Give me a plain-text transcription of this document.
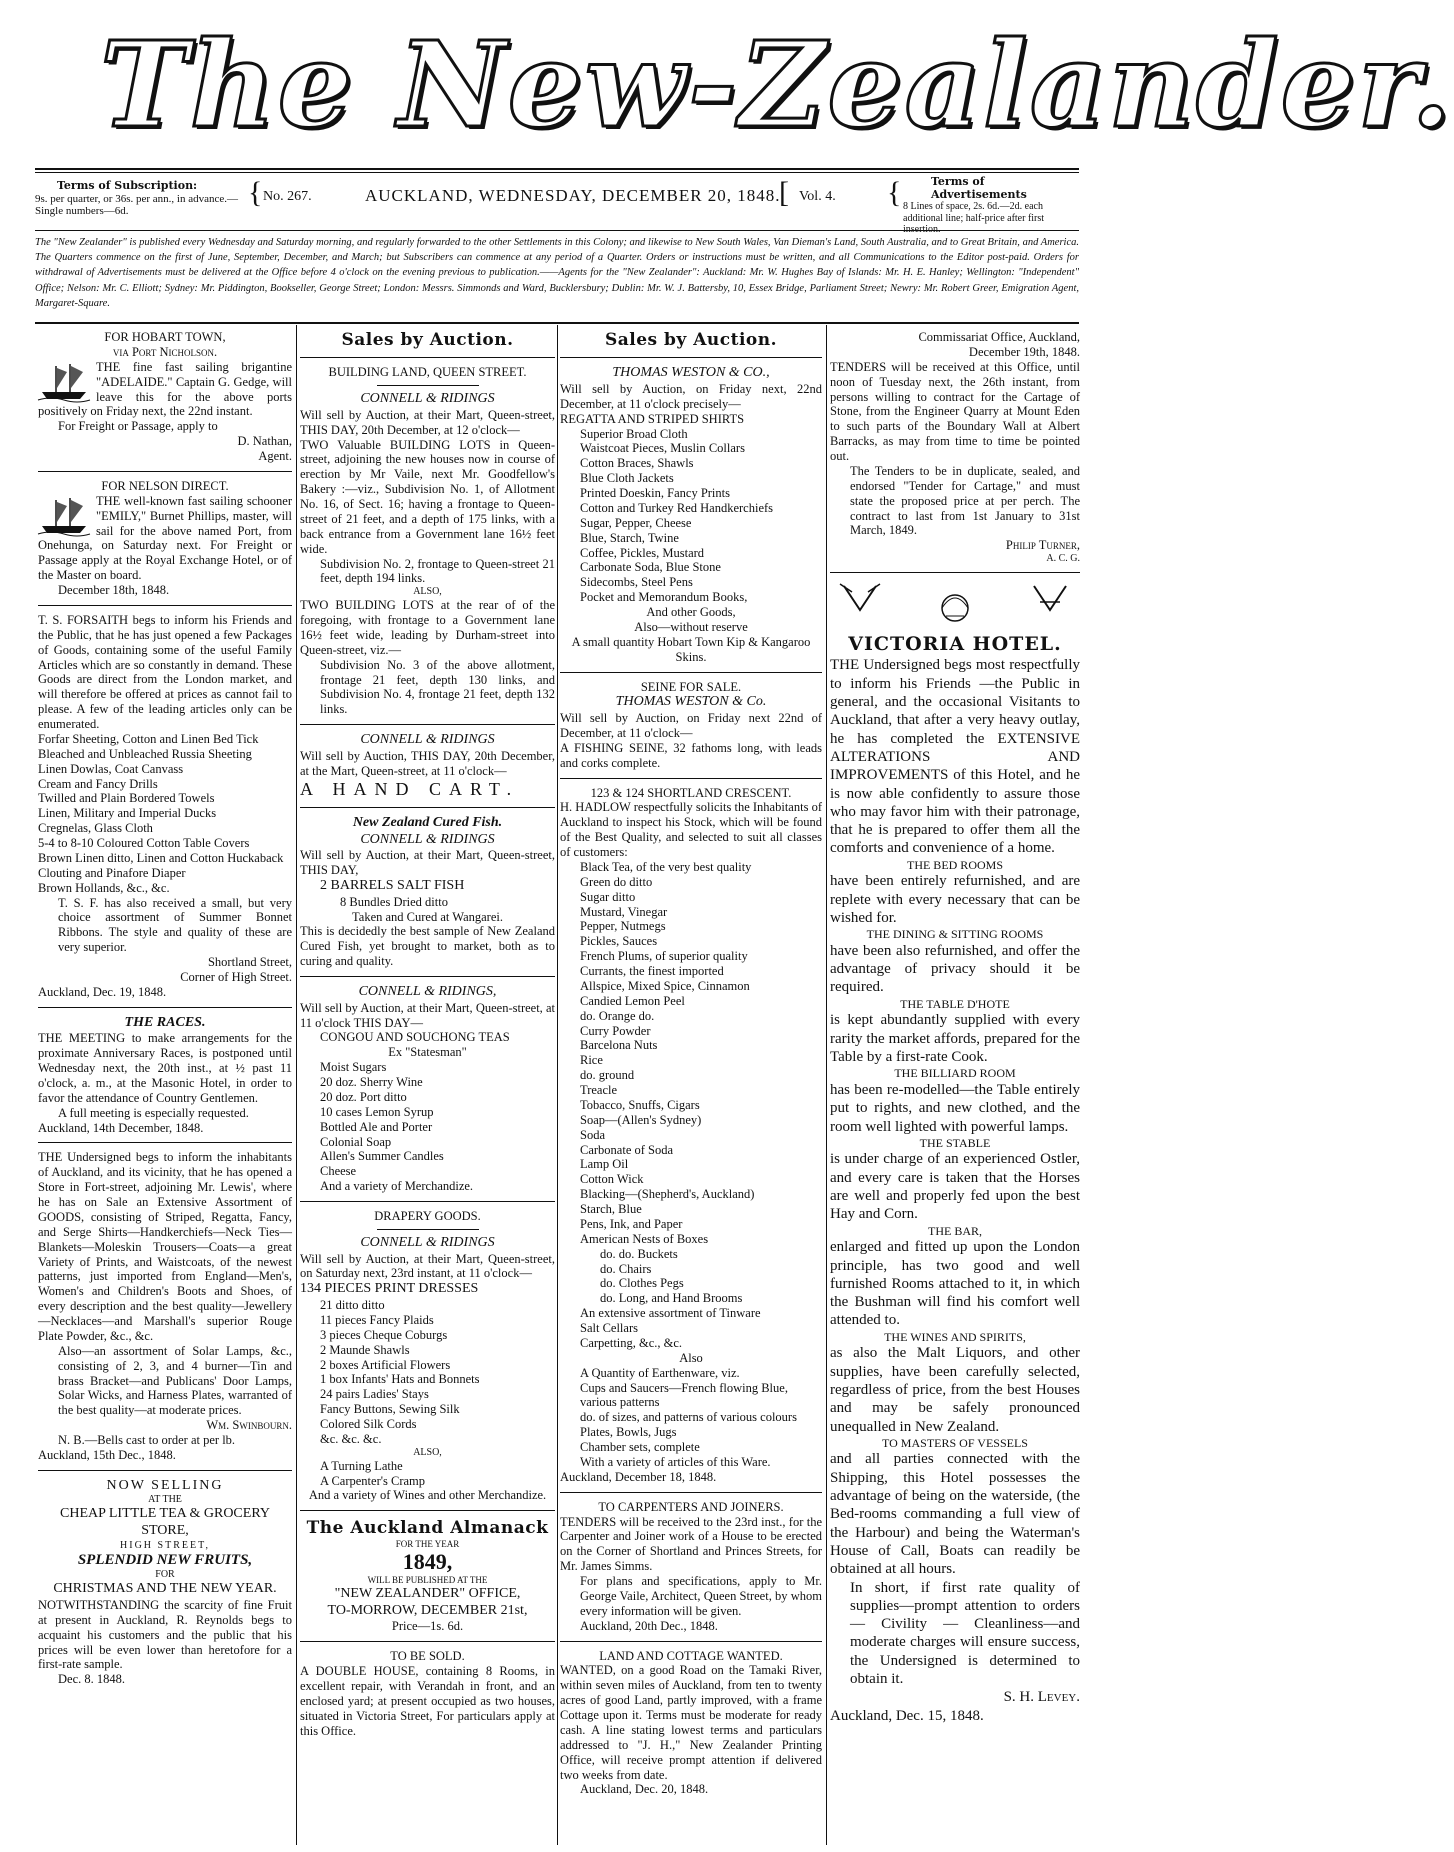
The New-Zealander.
Terms of Subscription:
9s. per quarter, or 36s. per ann., in advance.—Single numbers—6d.
{ No. 267.	AUCKLAND, WEDNESDAY, DECEMBER 20, 1848.
[ Vol. 4. {	Terms of Advertisements
8 Lines of space, 2s. 6d.—2d. each additional line; half-price after first insertion.
The "New Zealander" is published every Wednesday and Saturday morning, and regularly forwarded to the other Settlements in this Colony; and likewise to New South Wales, Van Dieman's Land, South Australia, and to Great Britain, and America. The Quarters commence on the first of June, September, December, and March; but Subscribers can commence at any period of a Quarter. Orders or instructions must be written, and all Communications to the Editor post-paid. Orders for withdrawal of Advertisements must be delivered at the Office before 4 o'clock on the evening previous to publication.——Agents for the "New Zealander": Auckland: Mr. W. Hughes Bay of Islands: Mr. H. E. Hanley; Wellington: "Independent" Office; Nelson: Mr. C. Elliott; Sydney: Mr. Piddington, Bookseller, George Street; London: Messrs. Simmonds and Ward, Bucklersbury; Dublin: Mr. W. J. Battersby, 10, Essex Bridge, Parliament Street; Newry: Mr. Robert Greer, Emigration Agent, Margaret-Square.

FOR HOBART TOWN,

via Port Nicholson.

THE fine fast sailing brigantine "ADELAIDE." Captain G. Gedge, will leave this for the above ports positively on Friday next, the 22nd instant.

For Freight or Passage, apply to

D. Nathan,

Agent.

FOR NELSON DIRECT.

THE well-known fast sailing schooner "EMILY," Burnet Phillips, master, will sail for the above named Port, from Onehunga, on Saturday next. For Freight or Passage apply at the Royal Exchange Hotel, or of the Master on board.

December 18th, 1848.

T. S. FORSAITH begs to inform his Friends and the Public, that he has just opened a few Packages of Goods, containing some of the useful Family Articles which are so constantly in demand. These Goods are direct from the London market, and will therefore be offered at prices as cannot fail to please. A few of the leading articles only can be enumerated.

Forfar Sheeting, Cotton and Linen Bed Tick

Bleached and Unbleached Russia Sheeting

Linen Dowlas, Coat Canvass

Cream and Fancy Drills

Twilled and Plain Bordered Towels

Linen, Military and Imperial Ducks

Cregnelas, Glass Cloth

5-4 to 8-10 Coloured Cotton Table Covers

Brown Linen ditto, Linen and Cotton Huckaback

Clouting and Pinafore Diaper

Brown Hollands, &c., &c.

T. S. F. has also received a small, but very choice assortment of Summer Bonnet Ribbons. The style and quality of these are very superior.

Shortland Street,

Corner of High Street.

Auckland, Dec. 19, 1848.

THE RACES.

THE MEETING to make arrangements for the proximate Anniversary Races, is postponed until Wednesday next, the 20th inst., at ½ past 11 o'clock, a. m., at the Masonic Hotel, in order to favor the attendance of Country Gentlemen.

A full meeting is especially requested.

Auckland, 14th December, 1848.

THE Undersigned begs to inform the inhabitants of Auckland, and its vicinity, that he has opened a Store in Fort-street, adjoining Mr. Lewis', where he has on Sale an Extensive Assortment of GOODS, consisting of Striped, Regatta, Fancy, and Serge Shirts—Handkerchiefs—Neck Ties—Blankets—Moleskin Trousers—Coats—a great Variety of Prints, and Waistcoats, of the newest patterns, just imported from England—Men's, Women's and Children's Boots and Shoes, of every description and the best quality—Jewellery—Necklaces—and Marshall's superior Rouge Plate Powder, &c., &c.

Also—an assortment of Solar Lamps, &c., consisting of 2, 3, and 4 burner—Tin and brass Bracket—and Publicans' Door Lamps, Solar Wicks, and Harness Plates, warranted of the best quality—at moderate prices.

Wm. Swinbourn.

N. B.—Bells cast to order at per lb.

Auckland, 15th Dec., 1848.

NOW SELLING

AT THE

CHEAP LITTLE TEA & GROCERY STORE,

HIGH STREET,

SPLENDID NEW FRUITS,

FOR

CHRISTMAS AND THE NEW YEAR.

NOTWITHSTANDING the scarcity of fine Fruit at present in Auckland, R. Reynolds begs to acquaint his customers and the public that his prices will be even lower than heretofore for a first-rate sample.

Dec. 8. 1848.

Sales by Auction.

BUILDING LAND, QUEEN STREET.

CONNELL & RIDINGS

Will sell by Auction, at their Mart, Queen-street, THIS DAY, 20th December, at 12 o'clock—

TWO Valuable BUILDING LOTS in Queen-street, adjoining the new houses now in course of erection by Mr Vaile, next Mr. Goodfellow's Bakery :—viz., Subdivision No. 1, of Allotment No. 16, of Sect. 16; having a frontage to Queen-street of 21 feet, and a depth of 175 links, with a back entrance from a Government lane 16½ feet wide.

Subdivision No. 2, frontage to Queen-street 21 feet, depth 194 links.

ALSO,

TWO BUILDING LOTS at the rear of of the foregoing, with frontage to a Government lane 16½ feet wide, leading by Durham-street into Queen-street, viz.—

Subdivision No. 3 of the above allotment, frontage 21 feet, depth 130 links, and Subdivision No. 4, frontage 21 feet, depth 132 links.

CONNELL & RIDINGS

Will sell by Auction, THIS DAY, 20th December, at the Mart, Queen-street, at 11 o'clock—

A HAND CART.

New Zealand Cured Fish.

CONNELL & RIDINGS

Will sell by Auction, at their Mart, Queen-street, THIS DAY,

2 BARRELS SALT FISH

8 Bundles Dried ditto

Taken and Cured at Wangarei.

This is decidedly the best sample of New Zealand Cured Fish, yet brought to market, both as to curing and quality.

CONNELL & RIDINGS,

Will sell by Auction, at their Mart, Queen-street, at 11 o'clock THIS DAY—

CONGOU AND SOUCHONG TEAS

Ex "Statesman"

Moist Sugars

20 doz. Sherry Wine

20 doz. Port ditto

10 cases Lemon Syrup

Bottled Ale and Porter

Colonial Soap

Allen's Summer Candles

Cheese

And a variety of Merchandize.

DRAPERY GOODS.

CONNELL & RIDINGS

Will sell by Auction, at their Mart, Queen-street, on Saturday next, 23rd instant, at 11 o'clock—

134 PIECES PRINT DRESSES

21 ditto ditto

11 pieces Fancy Plaids

3 pieces Cheque Coburgs

2 Maunde Shawls

2 boxes Artificial Flowers

1 box Infants' Hats and Bonnets

24 pairs Ladies' Stays

Fancy Buttons, Sewing Silk

Colored Silk Cords

&c. &c. &c.

ALSO,

A Turning Lathe

A Carpenter's Cramp

And a variety of Wines and other Merchandize.

The Auckland Almanack

FOR THE YEAR

1849,

WILL BE PUBLISHED AT THE

"NEW ZEALANDER" OFFICE,

TO-MORROW, DECEMBER 21st,

Price—1s. 6d.

TO BE SOLD.

A DOUBLE HOUSE, containing 8 Rooms, in excellent repair, with Verandah in front, and an enclosed yard; at present occupied as two houses, situated in Victoria Street, For particulars apply at this Office.

Sales by Auction.

THOMAS WESTON & CO.,

Will sell by Auction, on Friday next, 22nd December, at 11 o'clock precisely—

REGATTA AND STRIPED SHIRTS

Superior Broad Cloth

Waistcoat Pieces, Muslin Collars

Cotton Braces, Shawls

Blue Cloth Jackets

Printed Doeskin, Fancy Prints

Cotton and Turkey Red Handkerchiefs

Sugar, Pepper, Cheese

Blue, Starch, Twine

Coffee, Pickles, Mustard

Carbonate Soda, Blue Stone

Sidecombs, Steel Pens

Pocket and Memorandum Books,

And other Goods,

Also—without reserve

A small quantity Hobart Town Kip & Kangaroo Skins.

SEINE FOR SALE.

THOMAS WESTON & Co.

Will sell by Auction, on Friday next 22nd of December, at 11 o'clock—

A FISHING SEINE, 32 fathoms long, with leads and corks complete.

123 & 124 SHORTLAND CRESCENT.

H. HADLOW respectfully solicits the Inhabitants of Auckland to inspect his Stock, which will be found of the Best Quality, and selected to suit all classes of customers:

Black Tea, of the very best quality

Green do ditto

Sugar ditto

Mustard, Vinegar

Pepper, Nutmegs

Pickles, Sauces

French Plums, of superior quality

Currants, the finest imported

Allspice, Mixed Spice, Cinnamon

Candied Lemon Peel

do. Orange do.

Curry Powder

Barcelona Nuts

Rice

do. ground

Treacle

Tobacco, Snuffs, Cigars

Soap—(Allen's Sydney)

Soda

Carbonate of Soda

Lamp Oil

Cotton Wick

Blacking—(Shepherd's, Auckland)

Starch, Blue

Pens, Ink, and Paper

American Nests of Boxes

do. do. Buckets

do. Chairs

do. Clothes Pegs

do. Long, and Hand Brooms

An extensive assortment of Tinware

Salt Cellars

Carpetting, &c., &c.

Also

A Quantity of Earthenware, viz.

Cups and Saucers—French flowing Blue, various patterns

do. of sizes, and patterns of various colours

Plates, Bowls, Jugs

Chamber sets, complete

With a variety of articles of this Ware.

Auckland, December 18, 1848.

TO CARPENTERS AND JOINERS.

TENDERS will be received to the 23rd inst., for the Carpenter and Joiner work of a House to be erected on the Corner of Shortland and Princes Streets, for Mr. James Simms.

For plans and specifications, apply to Mr. George Vaile, Architect, Queen Street, by whom every information will be given.

Auckland, 20th Dec., 1848.

LAND AND COTTAGE WANTED.

WANTED, on a good Road on the Tamaki River, within seven miles of Auckland, from ten to twenty acres of good Land, partly improved, with a frame Cottage upon it. Terms must be moderate for ready cash. A line stating lowest terms and particulars addressed to "J. H.," New Zealander Printing Office, will receive prompt attention if delivered two weeks from date.

Auckland, Dec. 20, 1848.

Commissariat Office, Auckland,

December 19th, 1848.

TENDERS will be received at this Office, until noon of Tuesday next, the 26th instant, from persons willing to contract for the Cartage of Stone, from the Engineer Quarry at Mount Eden to such parts of the Boundary Wall at Albert Barracks, as may from time to time be pointed out.

The Tenders to be in duplicate, sealed, and endorsed "Tender for Cartage," and must state the proposed price at per perch. The contract to last from 1st January to 31st March, 1849.

Philip Turner,

A. C. G.

VICTORIA HOTEL.

THE Undersigned begs most respectfully to inform his Friends —the Public in general, and the occasional Visitants to Auckland, that after a very heavy outlay, he has completed the EXTENSIVE ALTERATIONS AND IMPROVEMENTS of this Hotel, and he is now able confidently to assure those who may favor him with their patronage, that he is prepared to offer them all the comforts and convenience of a home.

THE BED ROOMS

have been entirely refurnished, and are replete with every necessary that can be wished for.

THE DINING & SITTING ROOMS

have been also refurnished, and offer the advantage of privacy should it be required.

THE TABLE D'HOTE

is kept abundantly supplied with every rarity the market affords, prepared for the Table by a first-rate Cook.

THE BILLIARD ROOM

has been re-modelled—the Table entirely put to rights, and new clothed, and the room well lighted with powerful lamps.

THE STABLE

is under charge of an experienced Ostler, and every care is taken that the Horses are well and properly fed upon the best Hay and Corn.

THE BAR,

enlarged and fitted up upon the London principle, has two good and well furnished Rooms attached to it, in which the Bushman will find his comfort well attended to.

THE WINES AND SPIRITS,

as also the Malt Liquors, and other supplies, have been carefully selected, regardless of price, from the best Houses and may be safely pronounced unequalled in New Zealand.

TO MASTERS OF VESSELS

and all parties connected with the Shipping, this Hotel possesses the advantage of being on the waterside, (the Bed-rooms commanding a full view of the Harbour) and being the Waterman's House of Call, Boats can readily be obtained at all hours.

In short, if first rate quality of supplies—prompt attention to orders — Civility — Cleanliness—and moderate charges will ensure success, the Undersigned is determined to obtain it.

S. H. Levey.

Auckland, Dec. 15, 1848.
